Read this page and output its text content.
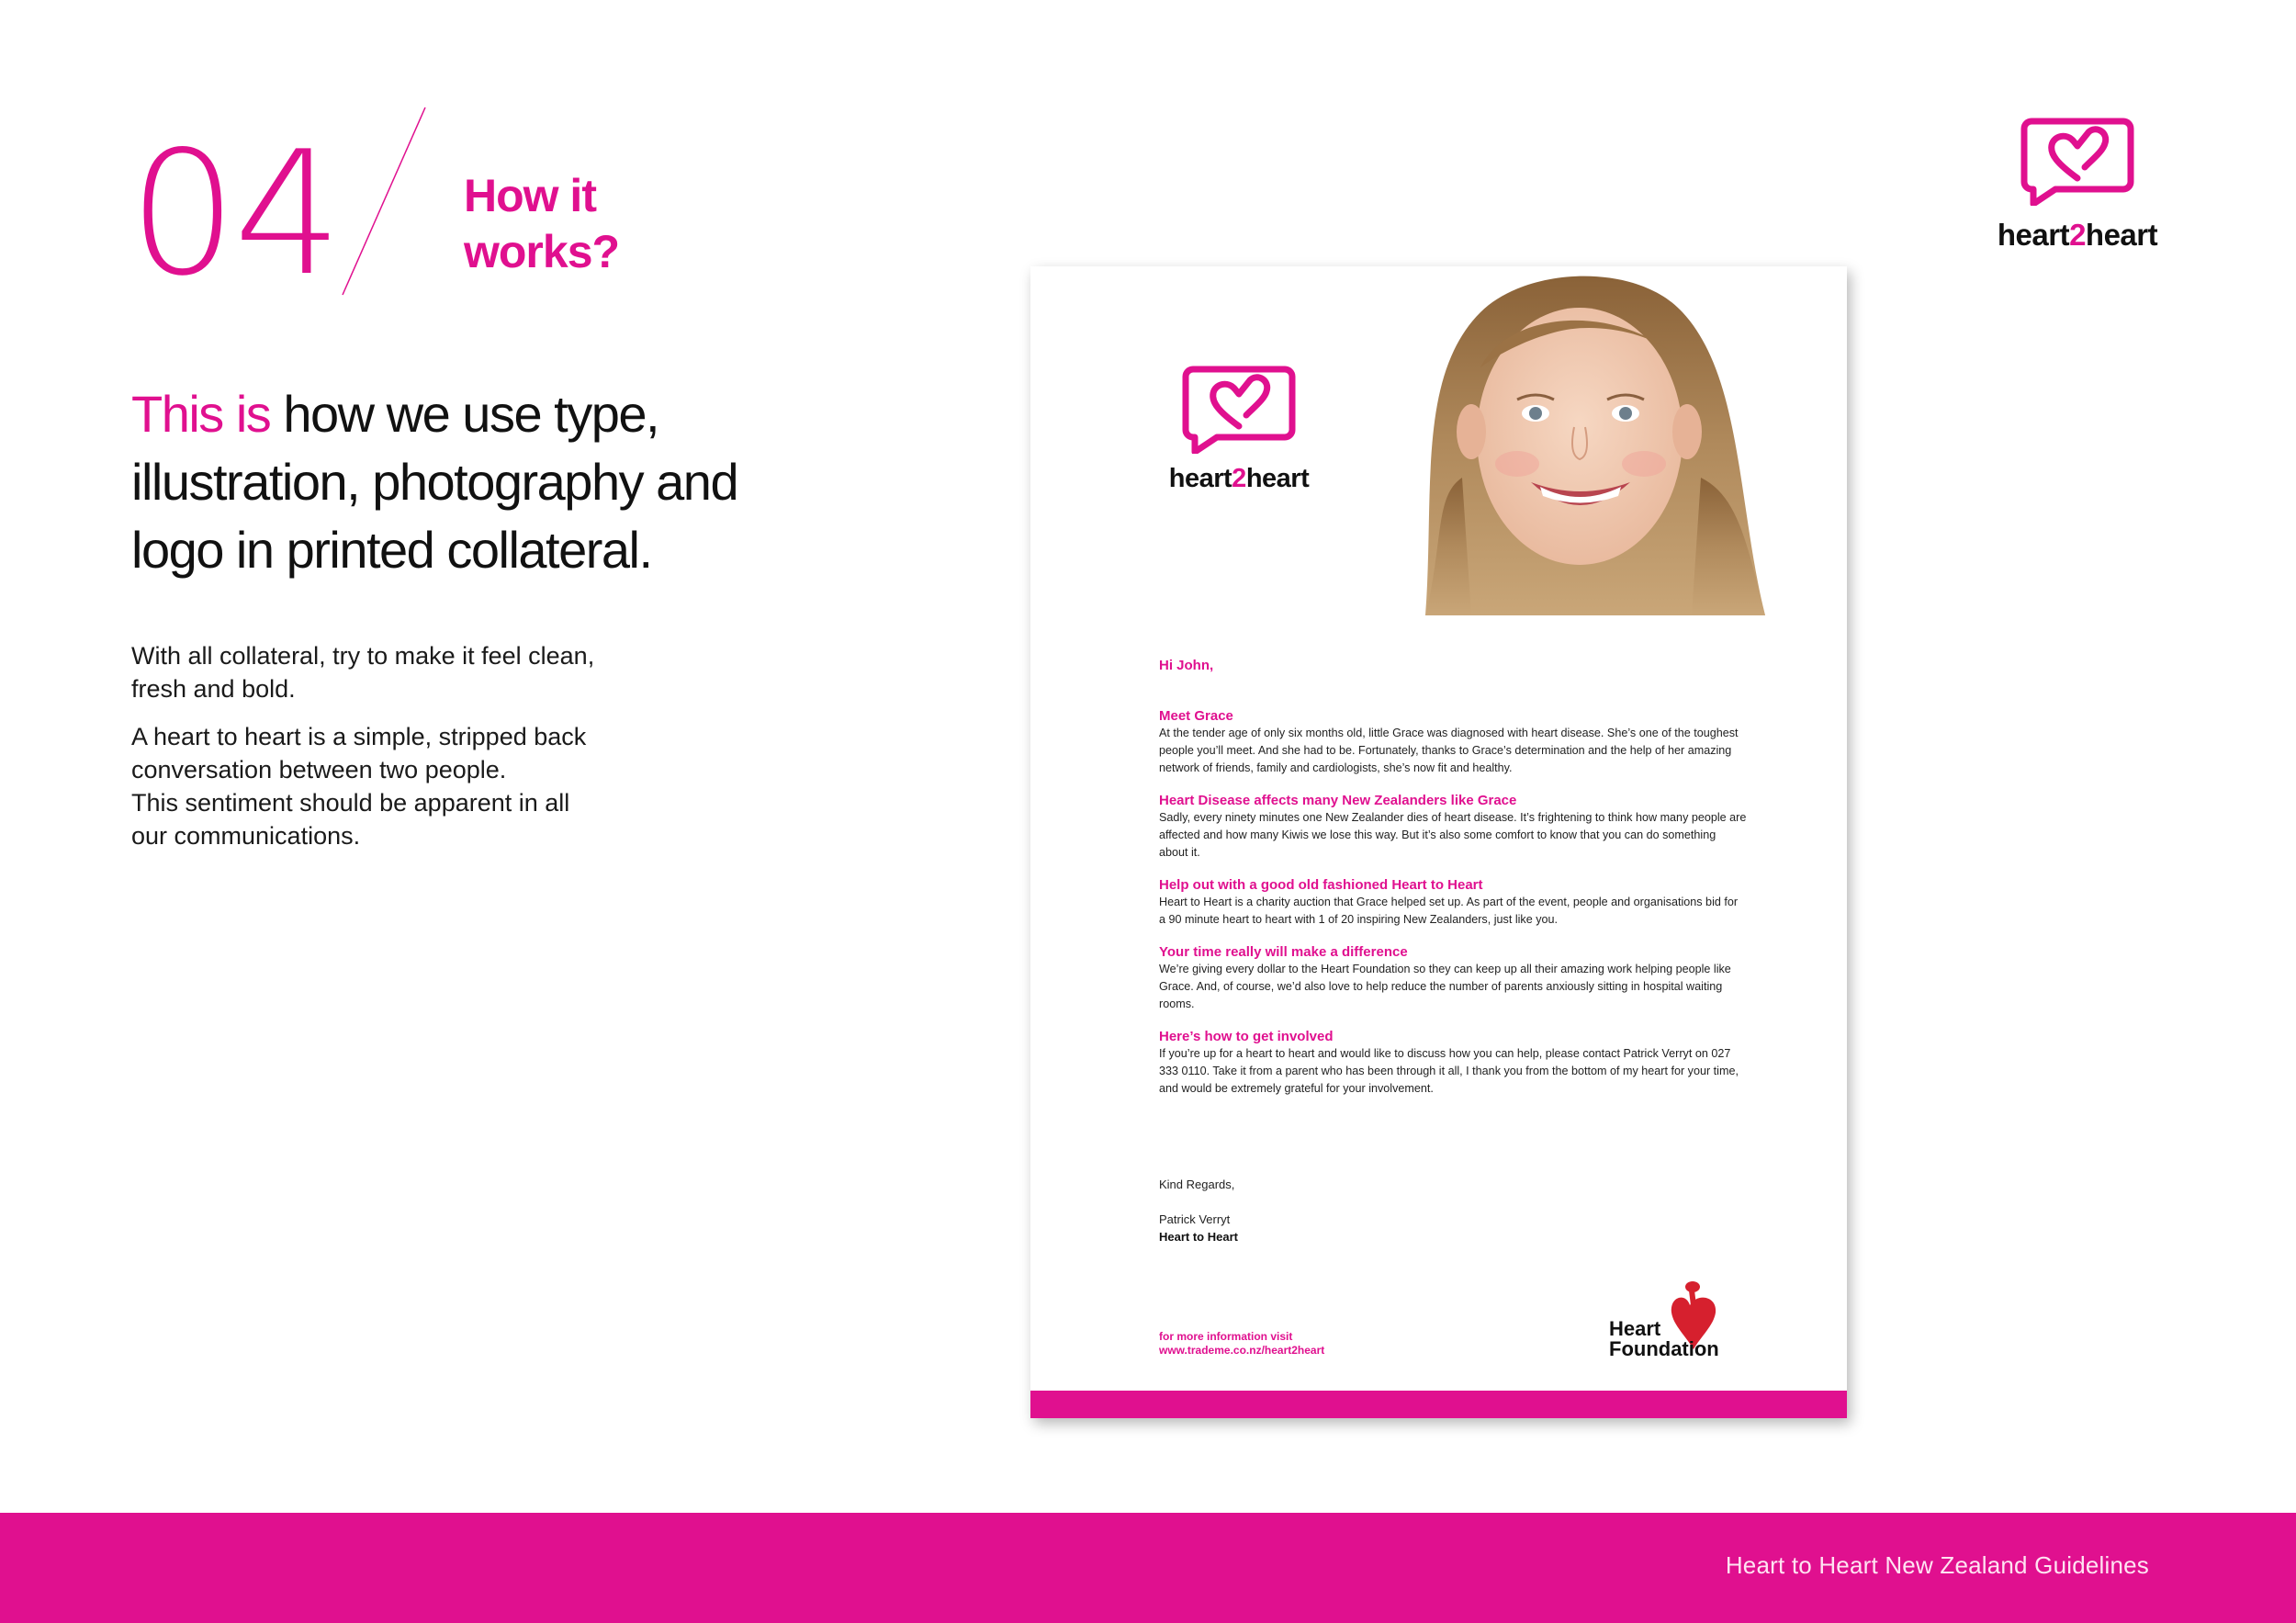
04	How it
works?
This is how we use type, illustration, photography and logo in printed collateral.

With all collateral, try to make it feel clean,
fresh and bold.

A heart to heart is a simple, stripped back
conversation between two people.
This sentiment should be apparent in all
our communications.

heart2heart
heart2heart
Hi John,
Meet Grace

At the tender age of only six months old, little Grace was diagnosed with heart disease. She’s one of the toughest people you’ll meet. And she had to be. Fortunately, thanks to Grace’s determination and the help of her amazing network of friends, family and cardiologists, she’s now fit and healthy.

Heart Disease affects many New Zealanders like Grace

Sadly, every ninety minutes one New Zealander dies of heart disease. It’s frightening to think how many people are affected and how many Kiwis we lose this way. But it’s also some comfort to know that you can do something about it.

Help out with a good old fashioned Heart to Heart

Heart to Heart is a charity auction that Grace helped set up. As part of the event, people and organisations bid for a 90 minute heart to heart with 1 of 20 inspiring New Zealanders, just like you.

Your time really will make a difference

We’re giving every dollar to the Heart Foundation so they can keep up all their amazing work helping people like Grace. And, of course, we’d also love to help reduce the number of parents anxiously sitting in hospital waiting rooms.

Here’s how to get involved

If you’re up for a heart to heart and would like to discuss how you can help, please contact Patrick Verryt on 027 333 0110. Take it from a parent who has been through it all, I thank you from the bottom of my heart for your time, and would be extremely grateful for your involvement.

Kind Regards,
Patrick Verryt
Heart to Heart
for more information visit
www.trademe.co.nz/heart2heart
Heart
Foundation
Heart to Heart New Zealand Guidelines
